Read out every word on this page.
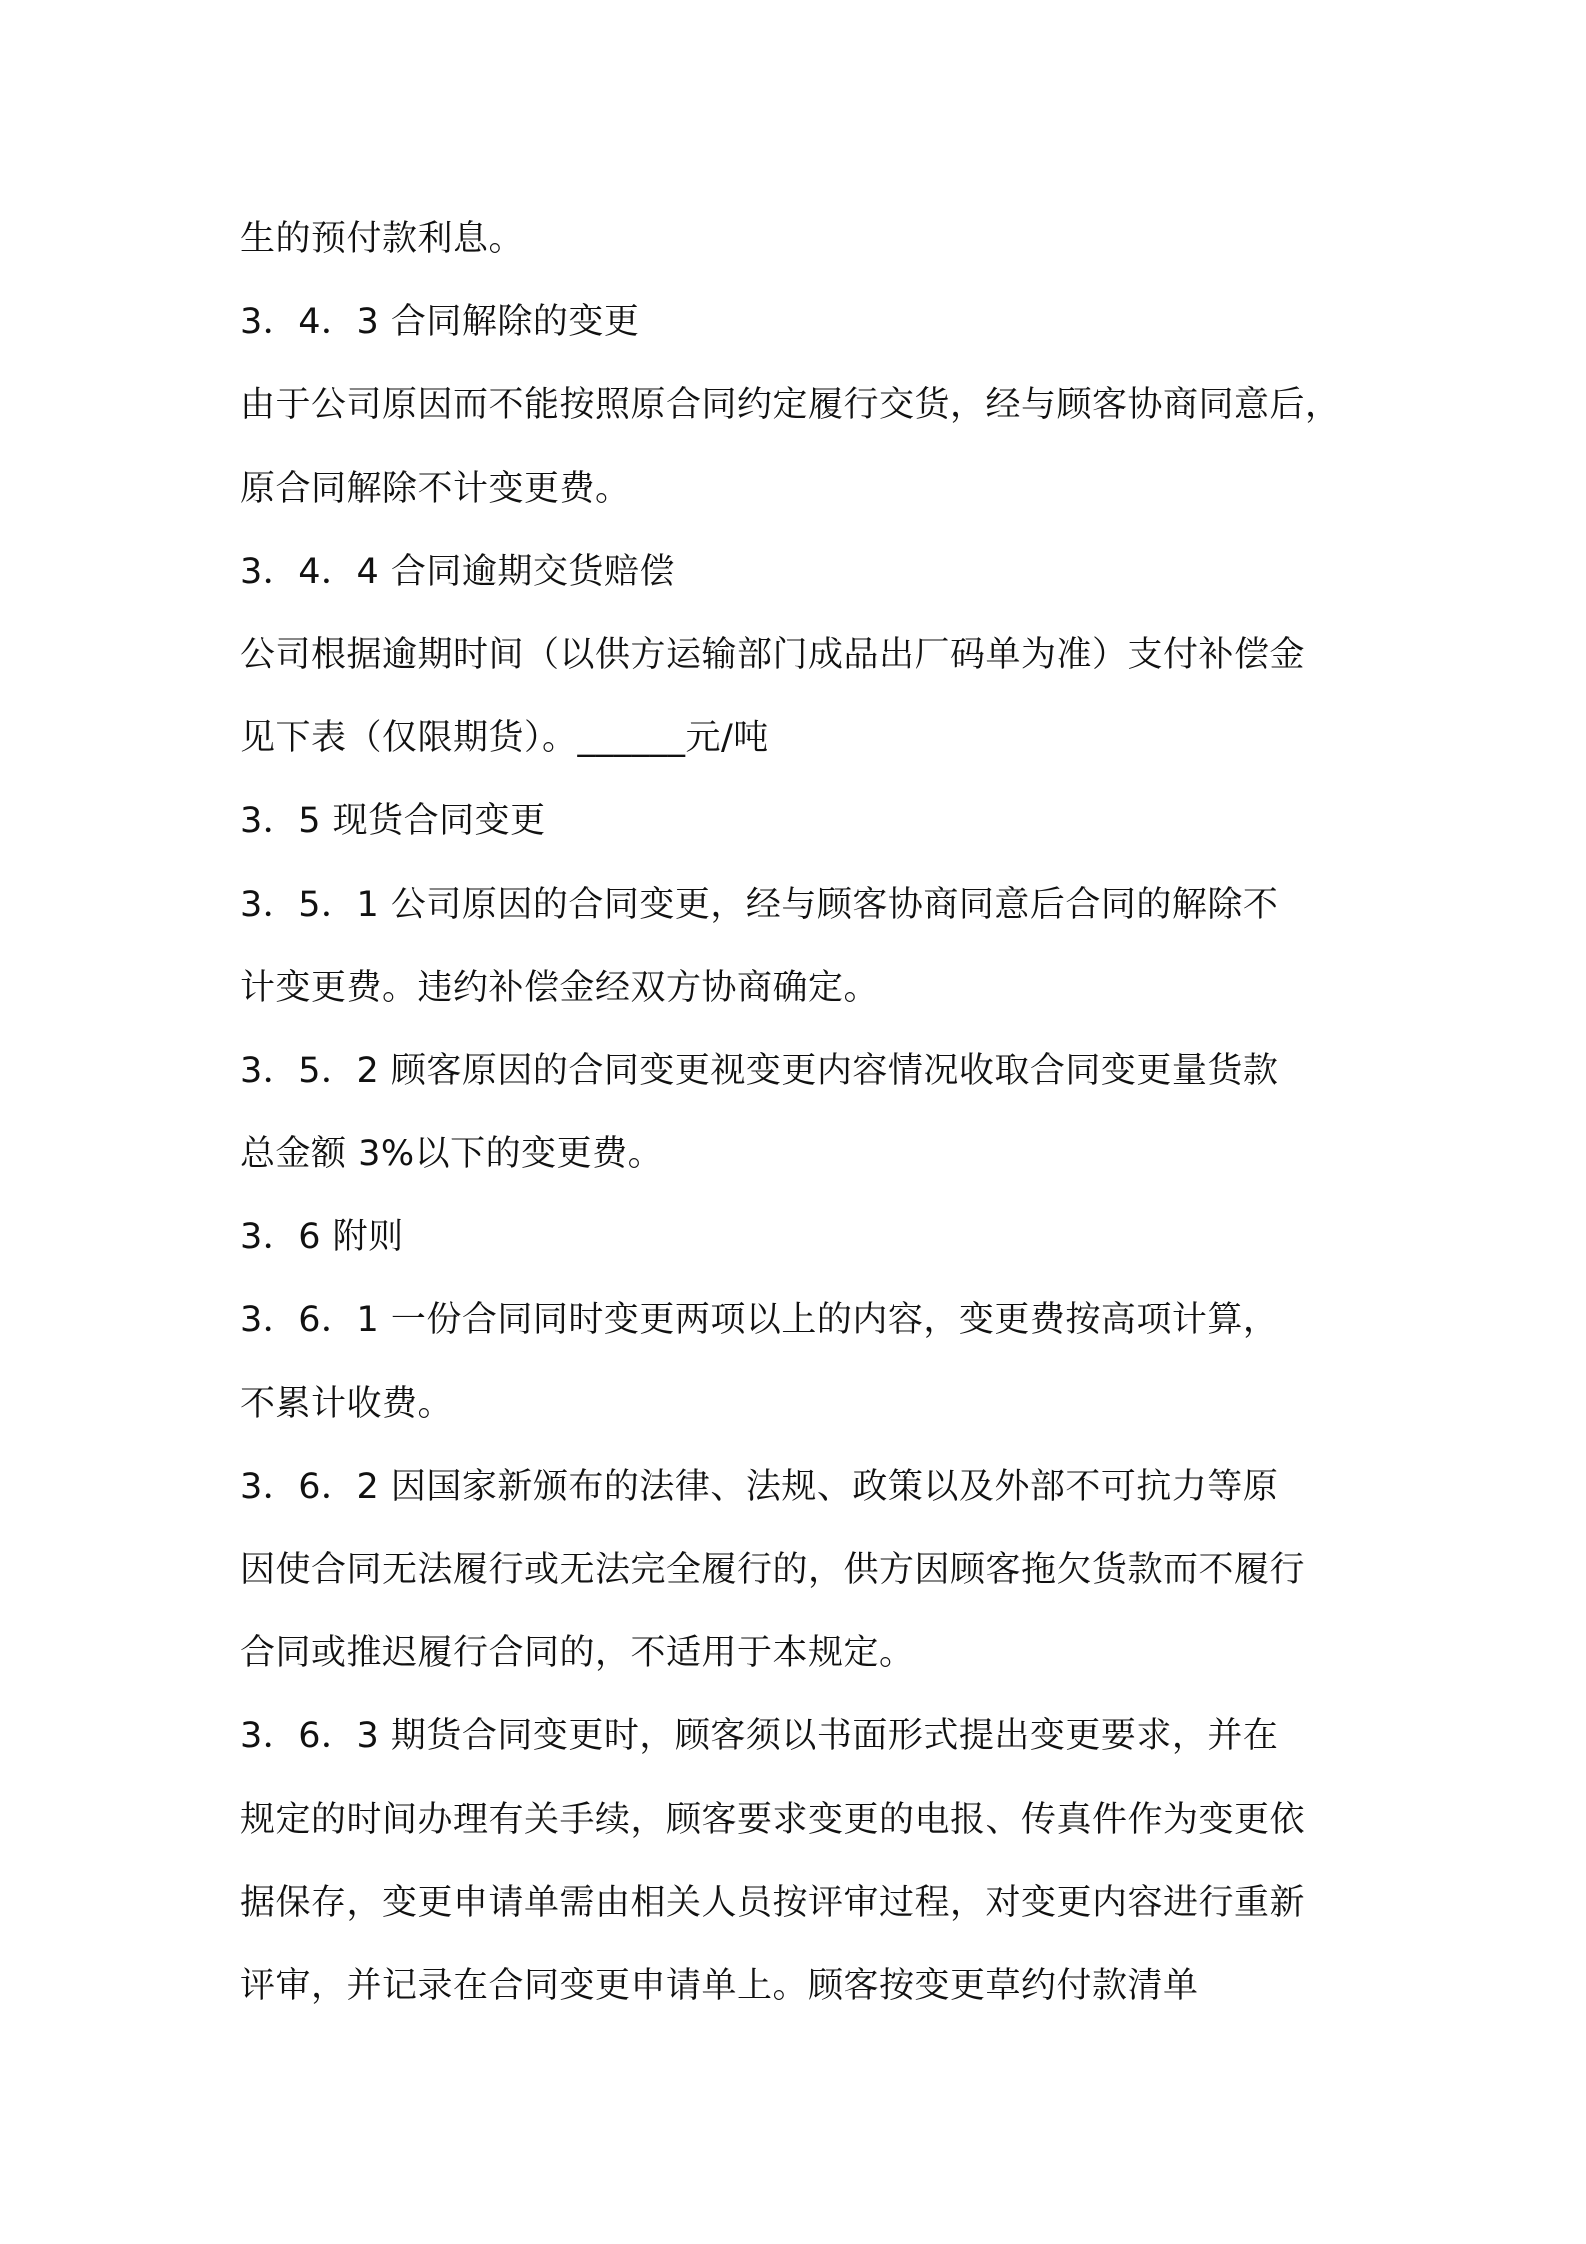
生的预付款利息。
3．4．3 合同解除的变更
由于公司原因而不能按照原合同约定履行交货，经与顾客协商同意后，
原合同解除不计变更费。
3．4．4 合同逾期交货赔偿
公司根据逾期时间（以供方运输部门成品出厂码单为准）支付补偿金
见下表（仅限期货）。______元/吨
3．5 现货合同变更
3．5．1 公司原因的合同变更，经与顾客协商同意后合同的解除不
计变更费。违约补偿金经双方协商确定。
3．5．2 顾客原因的合同变更视变更内容情况收取合同变更量货款
总金额 3%以下的变更费。
3．6 附则
3．6．1 一份合同同时变更两项以上的内容，变更费按高项计算，
不累计收费。
3．6．2 因国家新颁布的法律、法规、政策以及外部不可抗力等原
因使合同无法履行或无法完全履行的，供方因顾客拖欠货款而不履行
合同或推迟履行合同的，不适用于本规定。
3．6．3 期货合同变更时，顾客须以书面形式提出变更要求，并在
规定的时间办理有关手续，顾客要求变更的电报、传真件作为变更依
据保存，变更申请单需由相关人员按评审过程，对变更内容进行重新
评审，并记录在合同变更申请单上。顾客按变更草约付款清单
